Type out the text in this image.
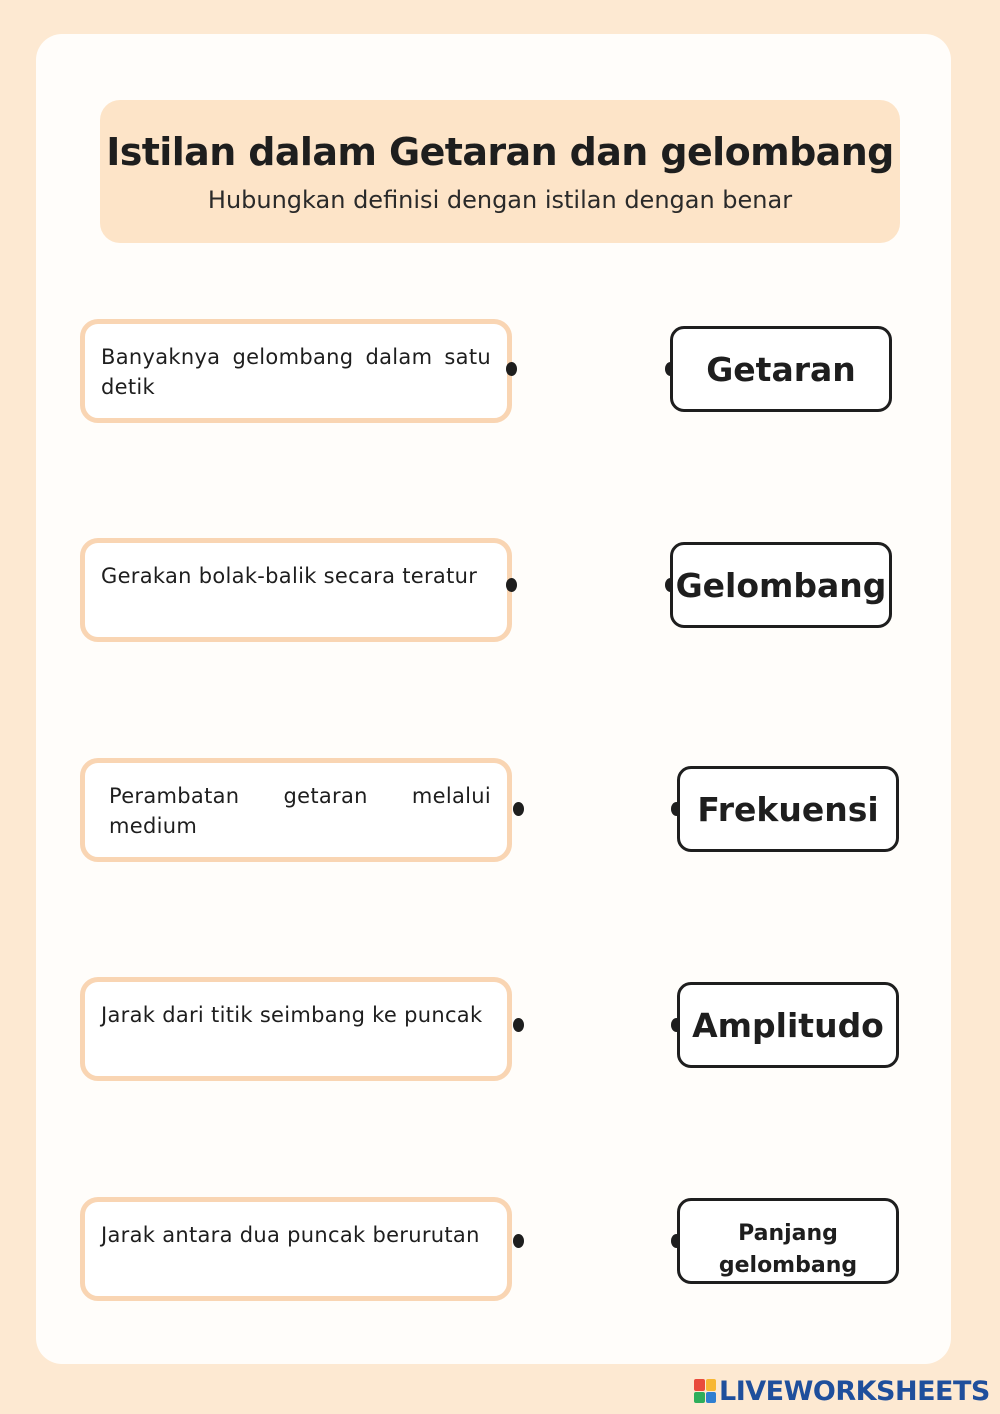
Istilan dalam Getaran dan gelombang
Hubungkan definisi dengan istilan dengan benar
Banyaknya gelombang dalam satu detik
Gerakan bolak-balik secara teratur
Perambatan getaran melalui medium
Jarak dari titik seimbang ke puncak
Jarak antara dua puncak berurutan
Getaran
Gelombang
Frekuensi
Amplitudo
Panjang gelombang
LIVEWORKSHEETS
